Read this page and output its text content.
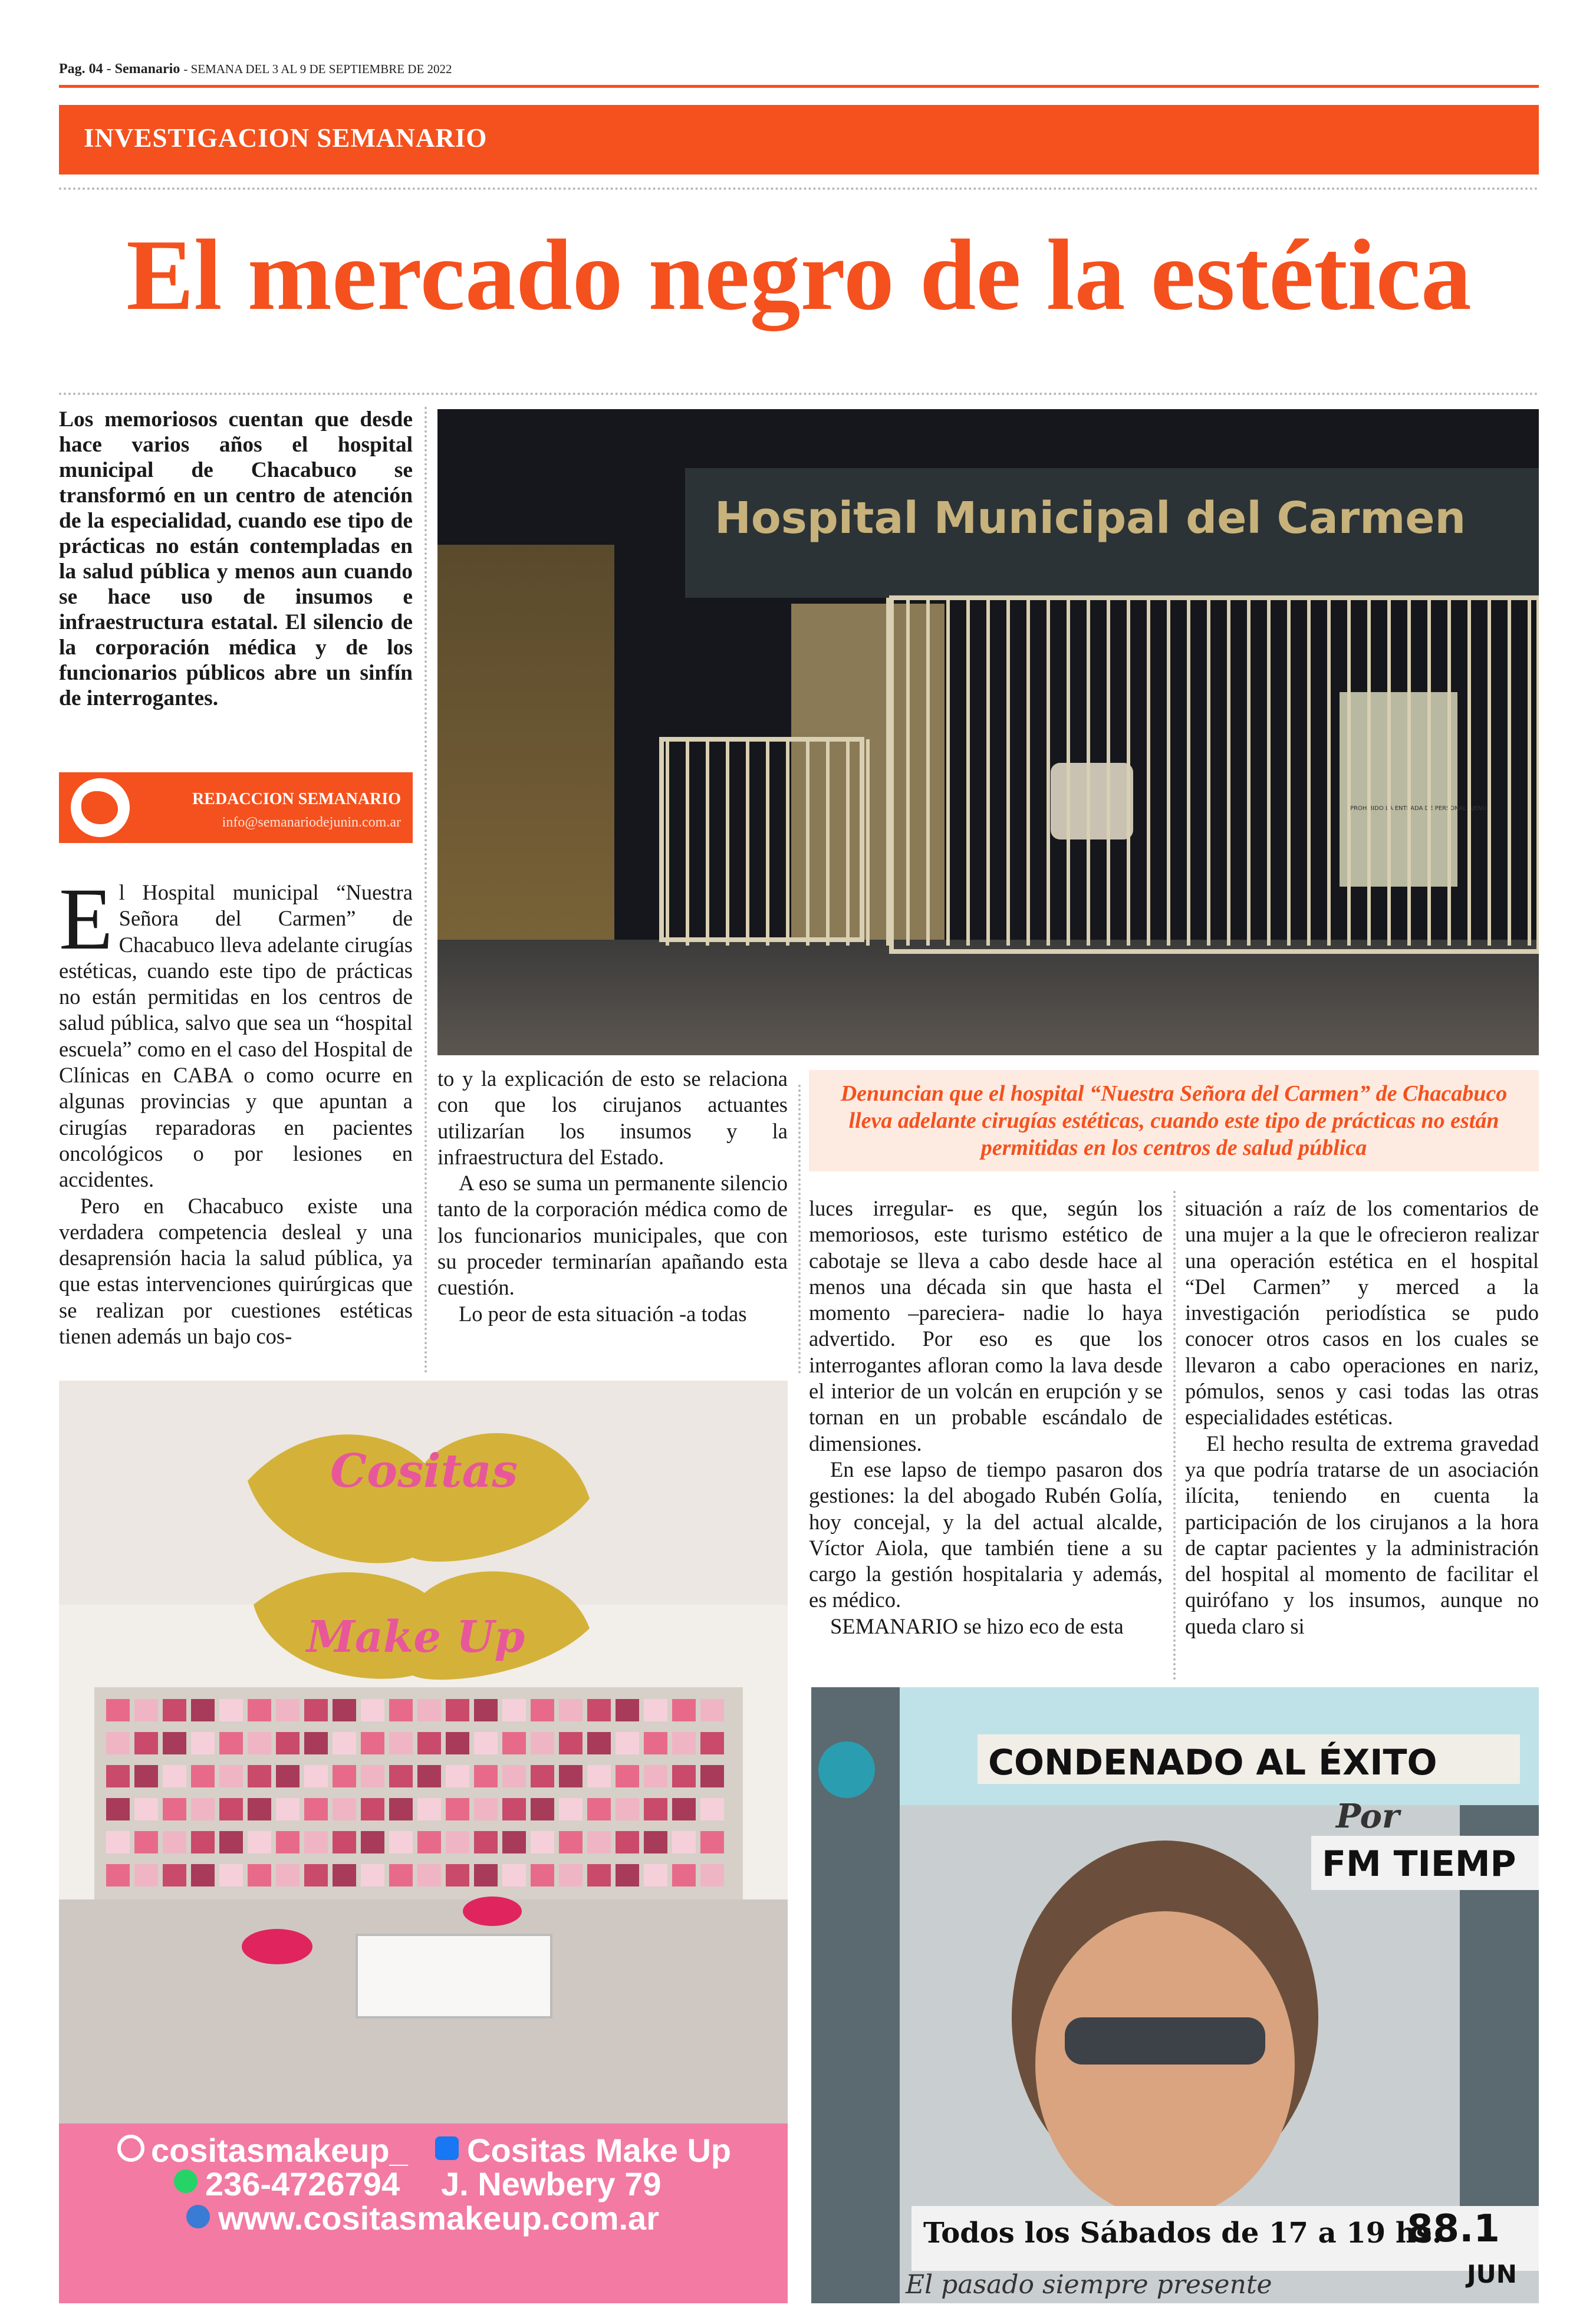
Pag. 04 - Semanario - SEMANA DEL 3 AL 9 DE SEPTIEMBRE DE 2022
INVESTIGACION SEMANARIO
El mercado negro de la estética
Los memoriosos cuentan que desde hace varios años el hospital municipal de Chacabuco se transformó en un centro de atención de la especialidad, cuando ese tipo de prácticas no están contempladas en la salud pública y menos aun cuando se hace uso de insumos e infraestructura estatal. El silencio de la corporación médica y de los funcionarios públicos abre un sinfín de interrogantes.
REDACCION SEMANARIO
info@semanariodejunin.com.ar

El Hospital municipal “Nuestra Señora del Carmen” de Chacabuco lleva adelante cirugías estéticas, cuando este tipo de prácticas no están permitidas en los centros de salud pública, salvo que sea un “hospital escuela” como en el caso del Hospital de Clínicas en CABA o como ocurre en algunas provincias y que apuntan a cirugías reparadoras en pacientes oncológicos o por lesiones en accidentes.

Pero en Chacabuco existe una verdadera competencia desleal y una desaprensión hacia la salud pública, ya que estas intervenciones quirúrgicas que se realizan por cuestiones estéticas tienen además un bajo cos-

to y la explicación de esto se relaciona con que los cirujanos actuantes utilizarían los insumos y la infraestructura del Estado.

A eso se suma un permanente silencio tanto de la corporación médica como de los funcionarios municipales, que con su proceder terminarían apañando esta cuestión.

Lo peor de esta situación -a todas

luces irregular- es que, según los memoriosos, este turismo estético de cabotaje se lleva a cabo desde hace al menos una década sin que hasta el momento –pareciera- nadie lo haya advertido. Por eso es que los interrogantes afloran como la lava desde el interior de un volcán en erupción y se tornan en un probable escándalo de dimensiones.

En ese lapso de tiempo pasaron dos gestiones: la del abogado Rubén Golía, hoy concejal, y la del actual alcalde, Víctor Aiola, que también tiene a su cargo la gestión hospitalaria y además, es médico.

SEMANARIO se hizo eco de esta

situación a raíz de los comentarios de una mujer a la que le ofrecieron realizar una operación estética en el hospital “Del Carmen” y merced a la investigación periodística se pudo conocer otros casos en los cuales se llevaron a cabo operaciones en nariz, pómulos, senos y casi todas las otras especialidades estéticas.

El hecho resulta de extrema gravedad ya que podría tratarse de un asociación ilícita, teniendo en cuenta la participación de los cirujanos a la hora de captar pacientes y la administración del hospital al momento de facilitar el quirófano y los insumos, aunque no queda claro si

Hospital Municipal del Carmen
PROHIBIDO LA ENTRADA DE PERSONAL AJENO
Denuncian que el hospital “Nuestra Señora del Carmen” de Chacabuco lleva adelante cirugías estéticas, cuando este tipo de prácticas no están permitidas en los centros de salud pública
Cositas
Make Up
cositasmakeup_ Cositas Make Up
236-4726794 J. Newbery 79
www.cositasmakeup.com.ar
CONDENADO AL ÉXITO
Por
FM TIEMP
Todos los Sábados de 17 a 19 hs.
88.1
JUN
El pasado siempre presente
